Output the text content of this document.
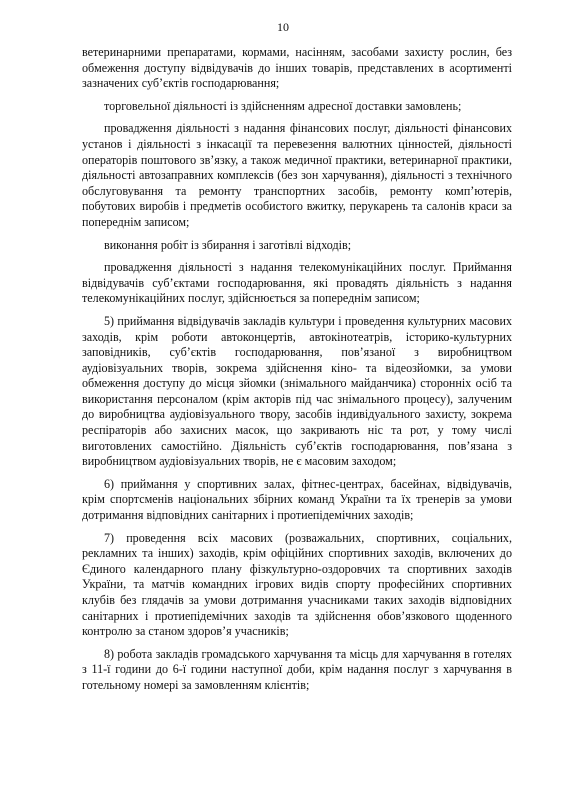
10

ветеринарними препаратами, кормами, насінням, засобами захисту рослин, без обмеження доступу відвідувачів до інших товарів, представлених в асортименті зазначених суб’єктів господарювання;

торговельної діяльності із здійсненням адресної доставки замовлень;

провадження діяльності з надання фінансових послуг, діяльності фінансових установ і діяльності з інкасації та перевезення валютних цінностей, діяльності операторів поштового зв’язку, а також медичної практики, ветеринарної практики, діяльності автозаправних комплексів (без зон харчування), діяльності з технічного обслуговування та ремонту транспортних засобів, ремонту комп’ютерів, побутових виробів і предметів особистого вжитку, перукарень та салонів краси за попереднім записом;

виконання робіт із збирання і заготівлі відходів;

провадження діяльності з надання телекомунікаційних послуг. Приймання відвідувачів суб’єктами господарювання, які провадять діяльність з надання телекомунікаційних послуг, здійснюється за попереднім записом;

5) приймання відвідувачів закладів культури і проведення культурних масових заходів, крім роботи автоконцертів, автокінотеатрів, історико-культурних заповідників, суб’єктів господарювання, пов’язаної з виробництвом аудіовізуальних творів, зокрема здійснення кіно- та відеозйомки, за умови обмеження доступу до місця зйомки (знімального майданчика) сторонніх осіб та використання персоналом (крім акторів під час знімального процесу), залученим до виробництва аудіовізуального твору, засобів індивідуального захисту, зокрема респіраторів або захисних масок, що закривають ніс та рот, у тому числі виготовлених самостійно. Діяльність суб’єктів господарювання, пов’язана з виробництвом аудіовізуальних творів, не є масовим заходом;

6) приймання у спортивних залах, фітнес-центрах, басейнах, відвідувачів, крім спортсменів національних збірних команд України та їх тренерів за умови дотримання відповідних санітарних і протиепідемічних заходів;

7) проведення всіх масових (розважальних, спортивних, соціальних, рекламних та інших) заходів, крім офіційних спортивних заходів, включених до Єдиного календарного плану фізкультурно-оздоровчих та спортивних заходів України, та матчів командних ігрових видів спорту професійних спортивних клубів без глядачів за умови дотримання учасниками таких заходів відповідних санітарних і протиепідемічних заходів та здійснення обов’язкового щоденного контролю за станом здоров’я учасників;

8) робота закладів громадського харчування та місць для харчування в готелях з 11-ї години до 6-ї години наступної доби, крім надання послуг з харчування в готельному номері за замовленням клієнтів;
